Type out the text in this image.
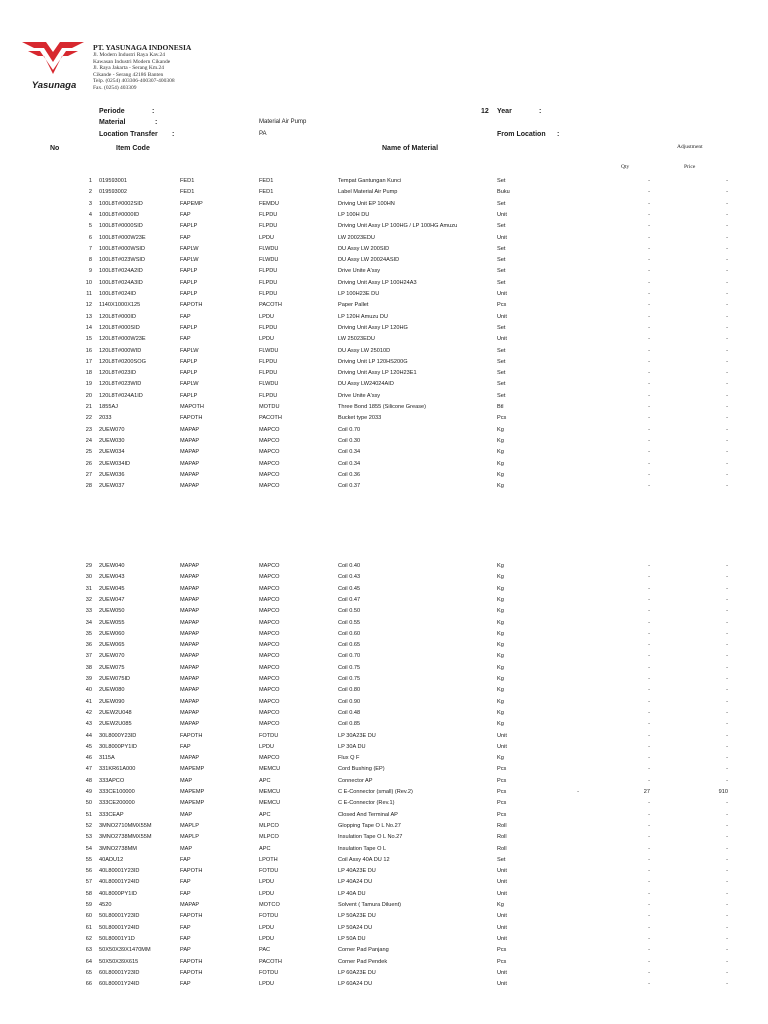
Yasunaga
PT. YASUNAGA INDONESIA
Jl. Modern Industri Raya Kav.24
Kawasan Industri Modern Cikande
Jl. Raya Jakarta - Serang Km.24
Cikande - Serang 42186 Banten
Telp. (0254) 403306-400307-400308
Fax. (0254) 403309
Periode	:	12 Year	:
Material	:	Material Air Pump
Location Transfer :	PA	From Location :
No	Item Code	Name of Material	Adjustment
Qty	Price
1 019593001	FED1	FED1	Tempat Gantungan Kunci	Set	-	-
2 019593002	FED1	FED1	Label Material Air Pump	Buku	-	-
3 100L8T#0002SID	FAPEMP	FEMDU	Driving Unit EP 100HN	Set	-	-
4 100L8T#0000ID	FAP	FLPDU	LP 100H DU	Unit	-	-
5 100L8T#0000SID	FAPLP	FLPDU	Driving Unit Assy LP 100HG / LP 100HG Amuzu	Set	-	-
6 100L8T#000W23E	FAP	LPDU	LW 20023EDU	Unit	-	-
7 100L8T#000WSID	FAPLW	FLWDU	DU Assy LW 200SID	Set	-	-
8 100L8T#023WSID	FAPLW	FLWDU	DU Assy LW 20024ASID	Set	-	-
9 100L8T#024A2ID	FAPLP	FLPDU	Drive Unite A'ssy	Set	-	-
10 100L8T#024A3ID	FAPLP	FLPDU	Driving Unit Assy LP 100H24A3	Set	-	-
11 100L8T#024ID	FAPLP	FLPDU	LP 100H23E DU	Unit	-	-
12 1140X1000X125	FAPOTH	PACOTH	Paper Pallet	Pcs	-	-
13 120L8T#000ID	FAP	LPDU	LP 120H Amuzu DU	Unit	-	-
14 120L8T#000SID	FAPLP	FLPDU	Driving Unit Assy LP 120HG	Set	-	-
15 120L8T#000W23E	FAP	LPDU	LW 25023EDU	Unit	-	-
16 120L8T#000WID	FAPLW	FLWDU	DU Assy LW 25010D	Set	-	-
17 120L8T#0200SOG	FAPLP	FLPDU	Driving Unit LP 120HS200G	Set	-	-
18 120L8T#023ID	FAPLP	FLPDU	Driving Unit Assy LP 120H23E1	Set	-	-
19 120L8T#023WID	FAPLW	FLWDU	DU Assy LW24024AID	Set	-	-
20 120L8T#024A1ID	FAPLP	FLPDU	Drive Unite A'ssy	Set	-	-
21 1855AJ	MAPOTH	MOTDU	Three Bond 1855 (Silicone Grease)	Btl	-	-
22 2033	FAPOTH	PACOTH	Bucket type 2033	Pcs	-	-
23 2UEW070	MAPAP	MAPCO	Coil 0.70	Kg	-	-
24 2UEW030	MAPAP	MAPCO	Coil 0.30	Kg	-	-
25 2UEW034	MAPAP	MAPCO	Coil 0.34	Kg	-	-
26 2UEW034ID	MAPAP	MAPCO	Coil 0.34	Kg	-	-
27 2UEW036	MAPAP	MAPCO	Coil 0.36	Kg	-	-
28 2UEW037	MAPAP	MAPCO	Coil 0.37	Kg	-	-
29 2UEW040	MAPAP	MAPCO	Coil 0.40	Kg	-	-
30 2UEW043	MAPAP	MAPCO	Coil 0.43	Kg	-	-
31 2UEW045	MAPAP	MAPCO	Coil 0.45	Kg	-	-
32 2UEW047	MAPAP	MAPCO	Coil 0.47	Kg	-	-
33 2UEW050	MAPAP	MAPCO	Coil 0.50	Kg	-	-
34 2UEW055	MAPAP	MAPCO	Coil 0.55	Kg	-	-
35 2UEW060	MAPAP	MAPCO	Coil 0.60	Kg	-	-
36 2UEW065	MAPAP	MAPCO	Coil 0.65	Kg	-	-
37 2UEW070	MAPAP	MAPCO	Coil 0.70	Kg	-	-
38 2UEW075	MAPAP	MAPCO	Coil 0.75	Kg	-	-
39 2UEW075ID	MAPAP	MAPCO	Coil 0.75	Kg	-	-
40 2UEW080	MAPAP	MAPCO	Coil 0.80	Kg	-	-
41 2UEW090	MAPAP	MAPCO	Coil 0.90	Kg	-	-
42 2UEW2U048	MAPAP	MAPCO	Coil 0.48	Kg	-	-
43 2UEW2U085	MAPAP	MAPCO	Coil 0.85	Kg	-	-
44 30L8000Y23ID	FAPOTH	FOTDU	LP 30A23E DU	Unit	-	-
45 30L8000PY1ID	FAP	LPDU	LP 30A DU	Unit	-	-
46 3115A	MAPAP	MAPCO	Flux Q F	Kg	-	-
47 331KR61A000	MAPEMP	MEMCU	Cord Bushing (EP)	Pcs	-	-
48 333APCO	MAP	APC	Connector AP	Pcs	-	-
49 333CE100000	MAPEMP	MEMCU	C E-Connector (small) (Rev.2)	Pcs	-	27	910
50 333CE200000	MAPEMP	MEMCU	C E-Connector (Rev.1)	Pcs	-	-
51 333CEAP	MAP	APC	Closed And Terminal AP	Pcs	-	-
52 3MNO2710MMX55M	MAPLP	MLPCO	Glopping Tape O L No.27	Roll	-	-
53 3MNO2738MMX55M	MAPLP	MLPCO	Insulation Tape O L No.27	Roll	-	-
54 3MNO2738MM	MAP	APC	Insulation Tape O L	Roll	-	-
55 40ADU12	FAP	LPOTH	Coil Assy 40A DU 12	Set	-	-
56 40L80001Y23ID	FAPOTH	FOTDU	LP 40A23E DU	Unit	-	-
57 40L80001Y24ID	FAP	LPDU	LP 40A24 DU	Unit	-	-
58 40L8000PY1ID	FAP	LPDU	LP 40A DU	Unit	-	-
59 4520	MAPAP	MOTCO	Solvent ( Tamura Diluent)	Kg	-	-
60 50L80001Y23ID	FAPOTH	FOTDU	LP 50A23E DU	Unit	-	-
61 50L80001Y24ID	FAP	LPDU	LP 50A24 DU	Unit	-	-
62 50L80001Y1D	FAP	LPDU	LP 50A DU	Unit	-	-
63 50X50X39X1470MM	PAP	PAC	Corner Pad Panjang	Pcs	-	-
64 50X50X39X615	FAPOTH	PACOTH	Corner Pad Pendek	Pcs	-	-
65 60L80001Y23ID	FAPOTH	FOTDU	LP 60A23E DU	Unit	-	-
66 60L80001Y24ID	FAP	LPDU	LP 60A24 DU	Unit	-	-
